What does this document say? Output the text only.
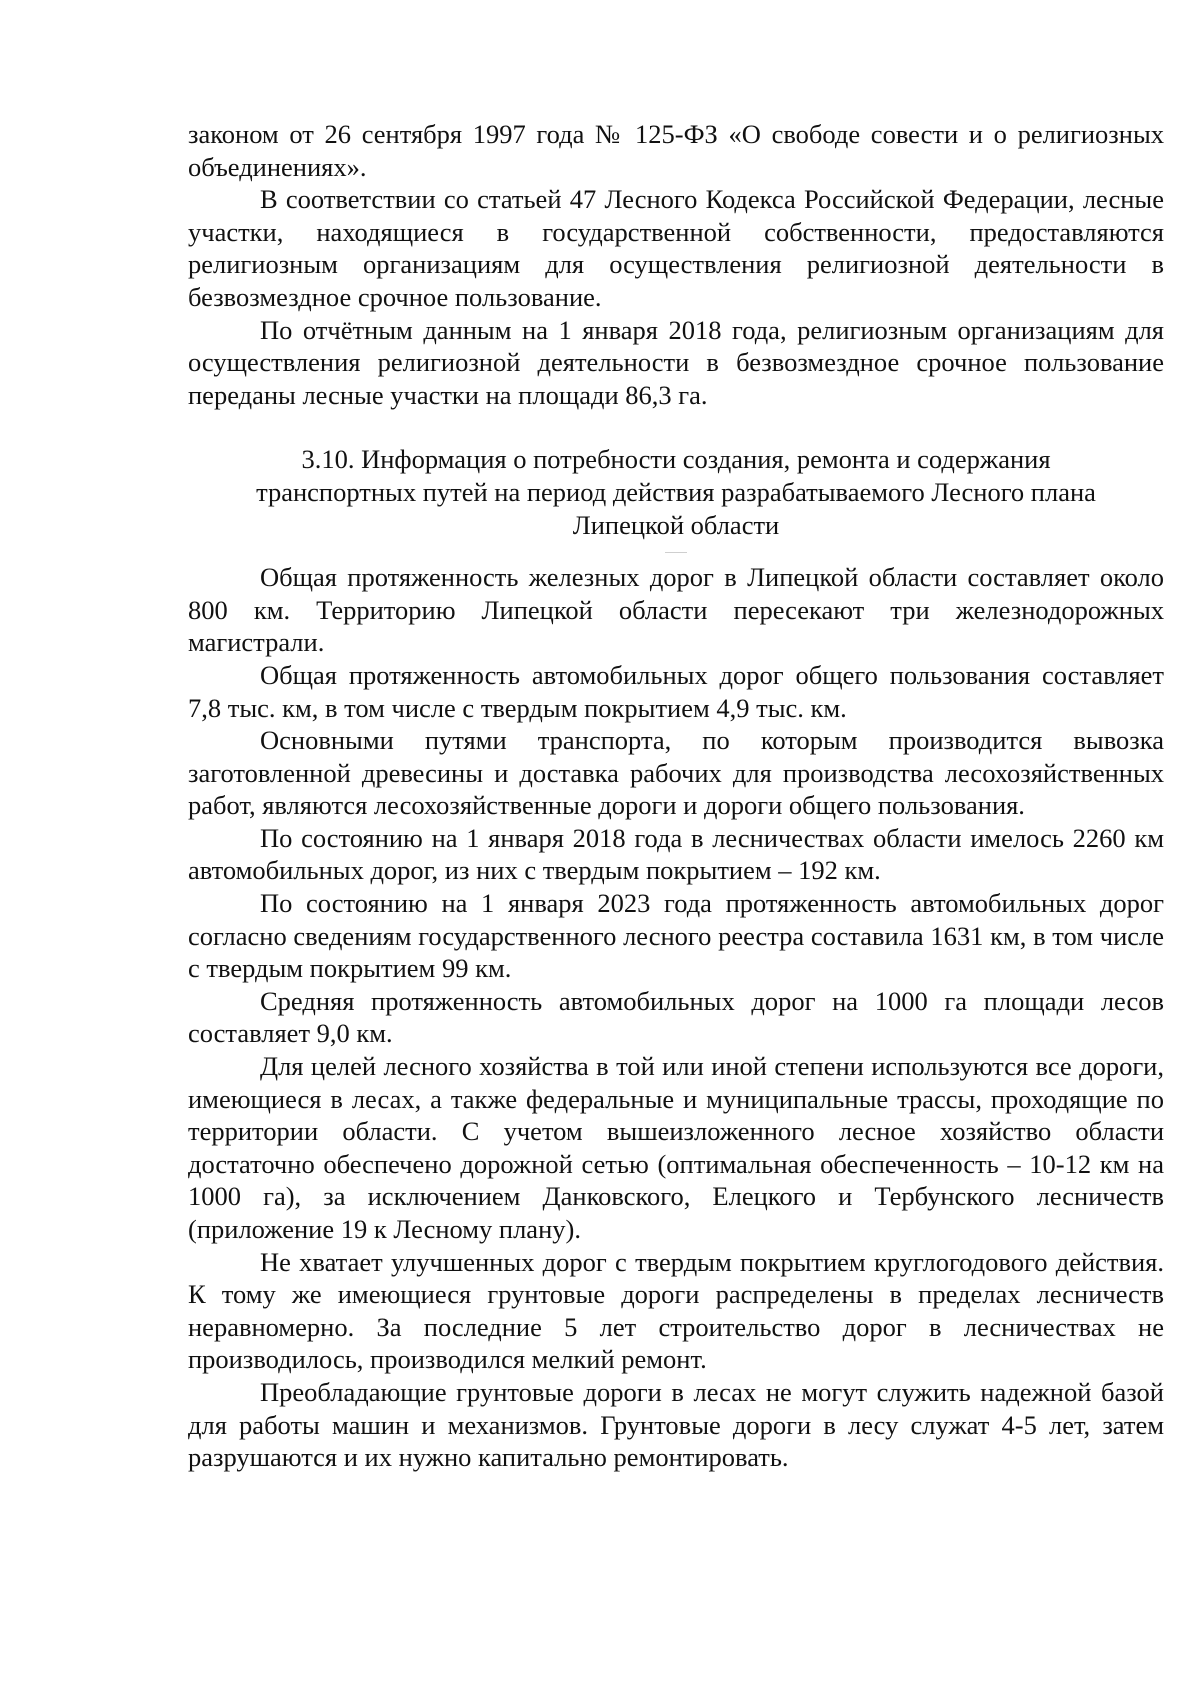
законом от 26 сентября 1997 года № 125-ФЗ «О свободе совести и о религиозных объединениях».

В соответствии со статьей 47 Лесного Кодекса Российской Федерации, лесные участки, находящиеся в государственной собственности, предоставляются религиозным организациям для осуществления религиозной деятельности в безвозмездное срочное пользование.

По отчётным данным на 1 января 2018 года, религиозным организациям для осуществления религиозной деятельности в безвозмездное срочное пользование переданы лесные участки на площади 86,3 га.

3.10. Информация о потребности создания, ремонта и содержания
транспортных путей на период действия разрабатываемого Лесного плана
Липецкой области

Общая протяженность железных дорог в Липецкой области составляет около 800 км. Территорию Липецкой области пересекают три железнодорожных магистрали.

Общая протяженность автомобильных дорог общего пользования составляет 7,8 тыс. км, в том числе с твердым покрытием 4,9 тыс. км.

Основными путями транспорта, по которым производится вывозка заготовленной древесины и доставка рабочих для производства лесохозяйственных работ, являются лесохозяйственные дороги и дороги общего пользования.

По состоянию на 1 января 2018 года в лесничествах области имелось 2260 км автомобильных дорог, из них с твердым покрытием – 192 км.

По состоянию на 1 января 2023 года протяженность автомобильных дорог согласно сведениям государственного лесного реестра составила 1631 км, в том числе с твердым покрытием 99 км.

Средняя протяженность автомобильных дорог на 1000 га площади лесов составляет 9,0 км.

Для целей лесного хозяйства в той или иной степени используются все дороги, имеющиеся в лесах, а также федеральные и муниципальные трассы, проходящие по территории области. С учетом вышеизложенного лесное хозяйство области достаточно обеспечено дорожной сетью (оптимальная обеспеченность – 10-12 км на 1000 га), за исключением Данковского, Елецкого и Тербунского лесничеств (приложение 19 к Лесному плану).

Не хватает улучшенных дорог с твердым покрытием круглогодового действия. К тому же имеющиеся грунтовые дороги распределены в пределах лесничеств неравномерно. За последние 5 лет строительство дорог в лесничествах не производилось, производился мелкий ремонт.

Преобладающие грунтовые дороги в лесах не могут служить надежной базой для работы машин и механизмов. Грунтовые дороги в лесу служат 4-5 лет, затем разрушаются и их нужно капитально ремонтировать.
